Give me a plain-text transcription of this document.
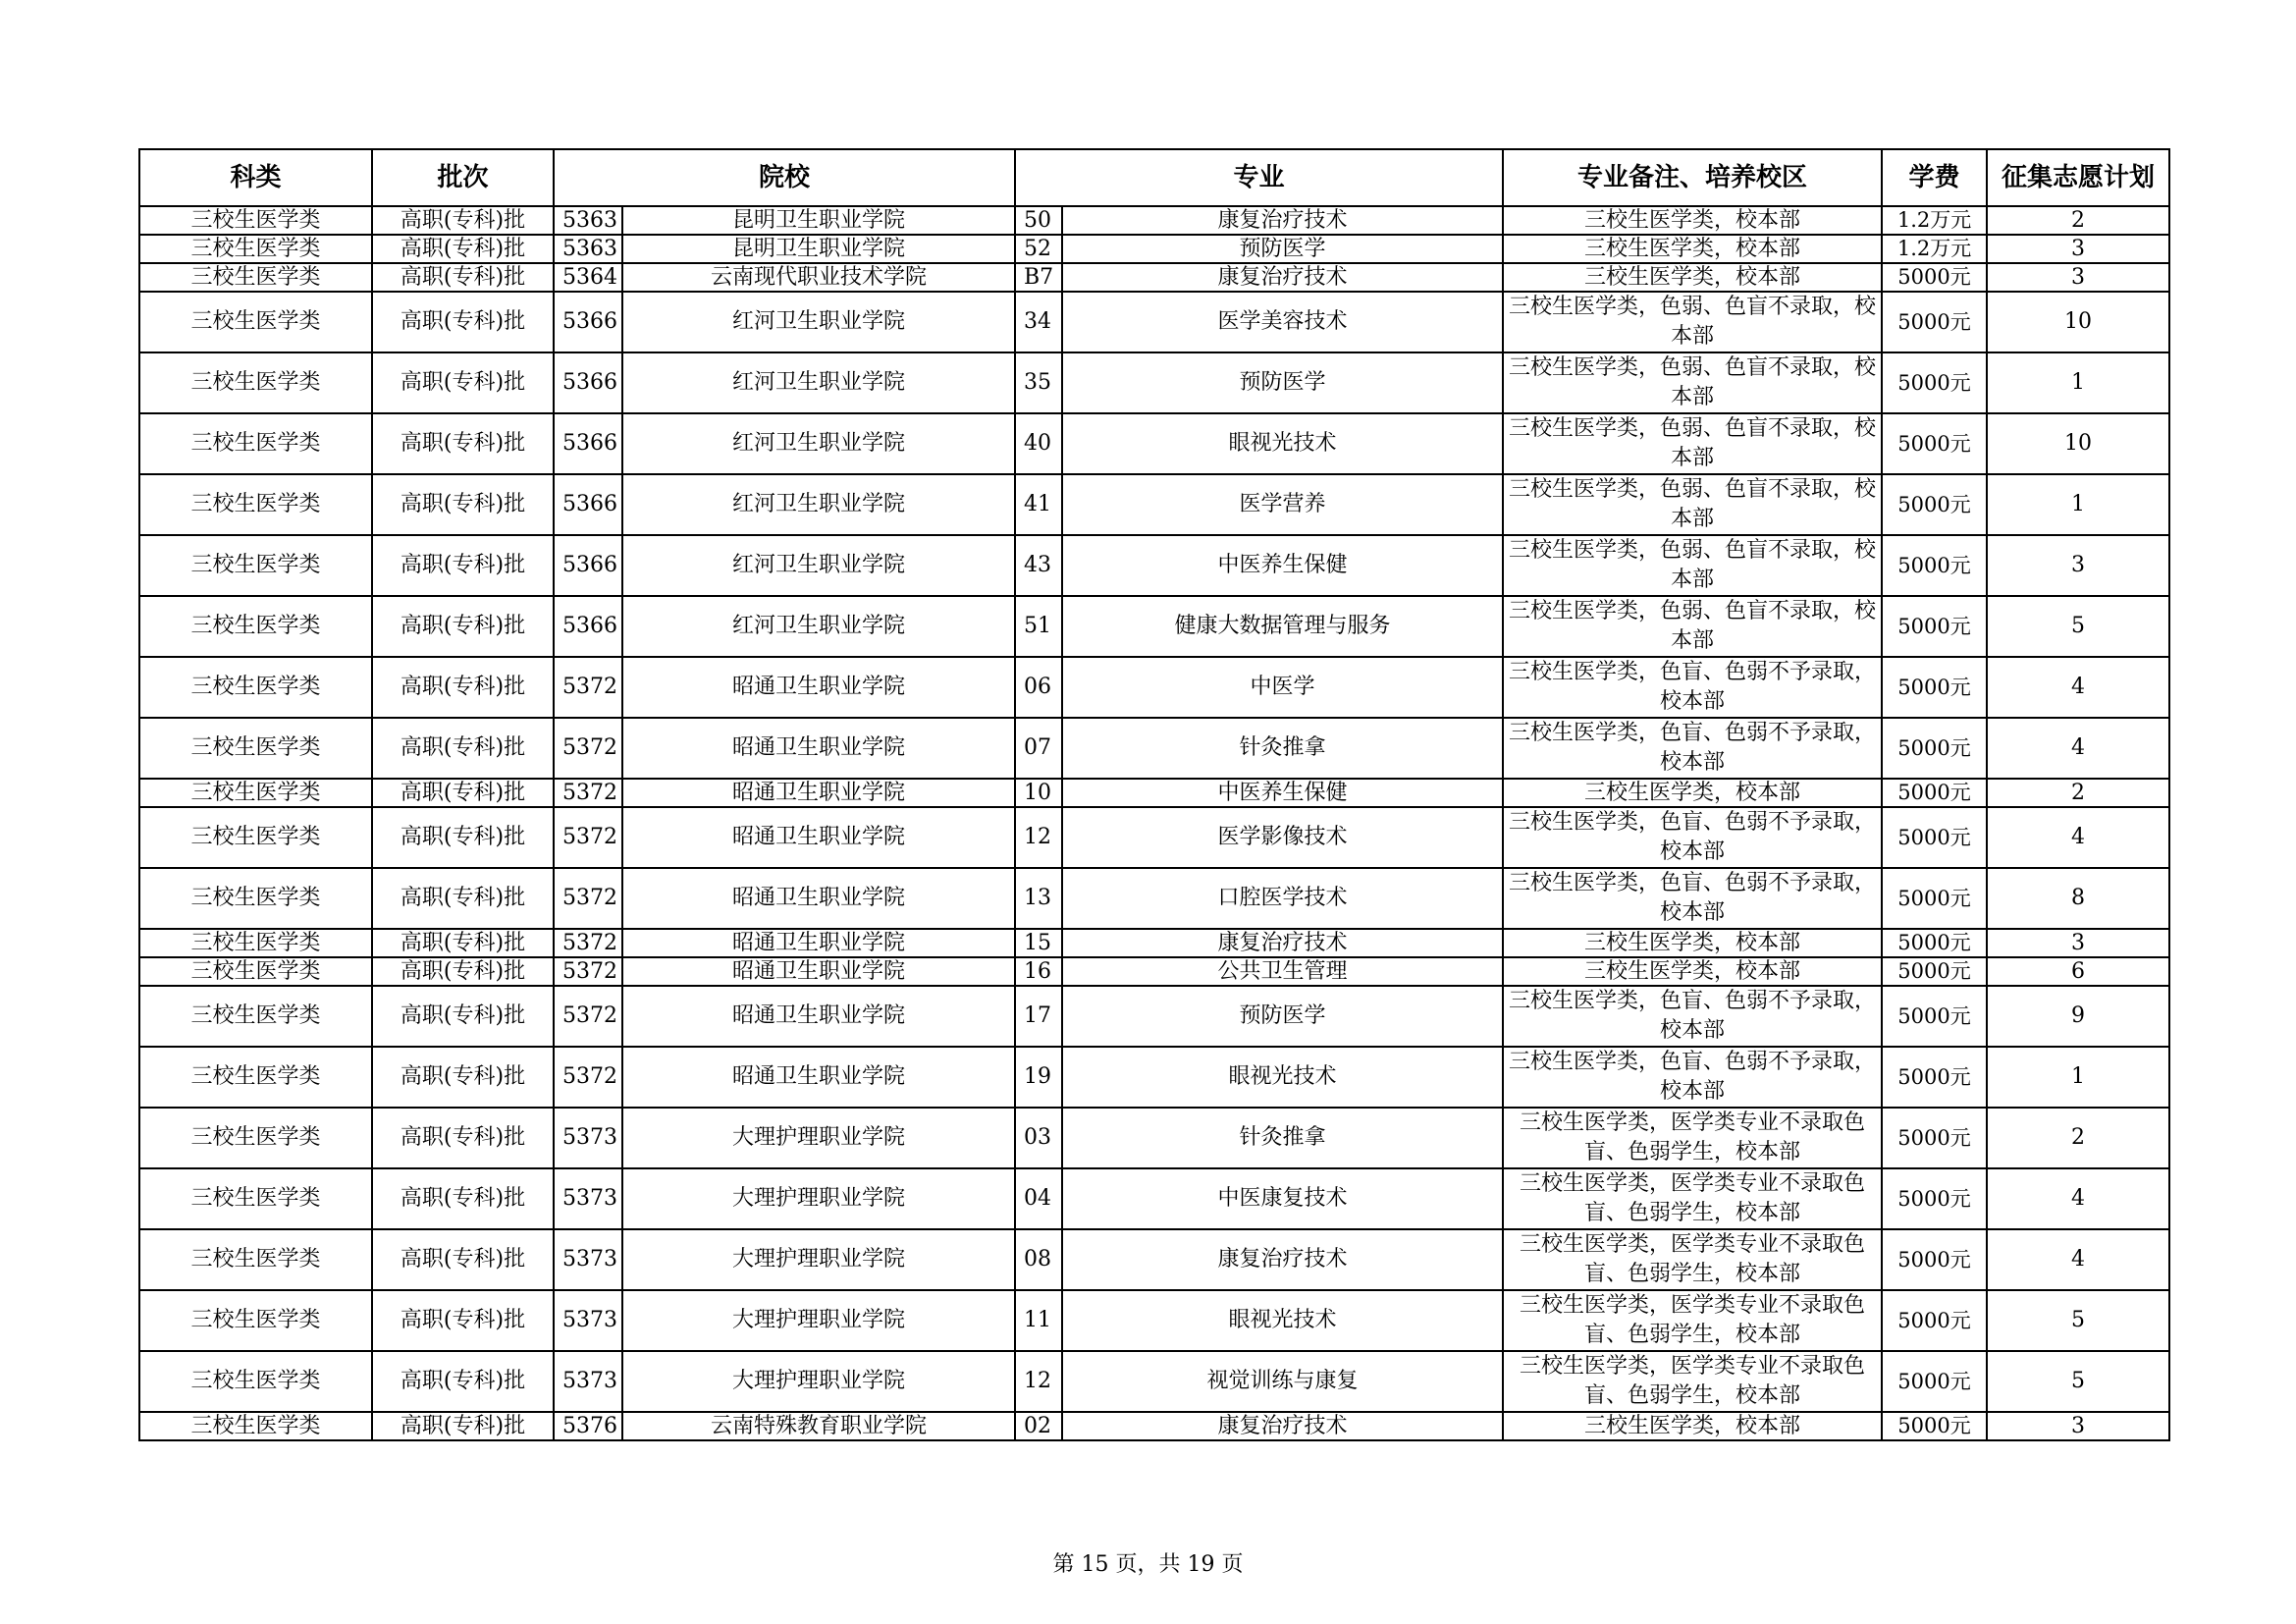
科类	批次	院校		专业		专业备注、培养校区	学费	征集志愿计划
三校生医学类	高职(专科)批	5363	昆明卫生职业学院	50	康复治疗技术	三校生医学类，校本部	1.2万元	2
三校生医学类	高职(专科)批	5363	昆明卫生职业学院	52	预防医学	三校生医学类，校本部	1.2万元	3
三校生医学类	高职(专科)批	5364	云南现代职业技术学院	B7	康复治疗技术	三校生医学类，校本部	5000元	3
三校生医学类	高职(专科)批	5366	红河卫生职业学院	34	医学美容技术	三校生医学类，色弱、色盲不录取，校本部	5000元	10
三校生医学类	高职(专科)批	5366	红河卫生职业学院	35	预防医学	三校生医学类，色弱、色盲不录取，校本部	5000元	1
三校生医学类	高职(专科)批	5366	红河卫生职业学院	40	眼视光技术	三校生医学类，色弱、色盲不录取，校本部	5000元	10
三校生医学类	高职(专科)批	5366	红河卫生职业学院	41	医学营养	三校生医学类，色弱、色盲不录取，校本部	5000元	1
三校生医学类	高职(专科)批	5366	红河卫生职业学院	43	中医养生保健	三校生医学类，色弱、色盲不录取，校本部	5000元	3
三校生医学类	高职(专科)批	5366	红河卫生职业学院	51	健康大数据管理与服务	三校生医学类，色弱、色盲不录取，校本部	5000元	5
三校生医学类	高职(专科)批	5372	昭通卫生职业学院	06	中医学	三校生医学类，色盲、色弱不予录取，校本部	5000元	4
三校生医学类	高职(专科)批	5372	昭通卫生职业学院	07	针灸推拿	三校生医学类，色盲、色弱不予录取，校本部	5000元	4
三校生医学类	高职(专科)批	5372	昭通卫生职业学院	10	中医养生保健	三校生医学类，校本部	5000元	2
三校生医学类	高职(专科)批	5372	昭通卫生职业学院	12	医学影像技术	三校生医学类，色盲、色弱不予录取，校本部	5000元	4
三校生医学类	高职(专科)批	5372	昭通卫生职业学院	13	口腔医学技术	三校生医学类，色盲、色弱不予录取，校本部	5000元	8
三校生医学类	高职(专科)批	5372	昭通卫生职业学院	15	康复治疗技术	三校生医学类，校本部	5000元	3
三校生医学类	高职(专科)批	5372	昭通卫生职业学院	16	公共卫生管理	三校生医学类，校本部	5000元	6
三校生医学类	高职(专科)批	5372	昭通卫生职业学院	17	预防医学	三校生医学类，色盲、色弱不予录取，校本部	5000元	9
三校生医学类	高职(专科)批	5372	昭通卫生职业学院	19	眼视光技术	三校生医学类，色盲、色弱不予录取，校本部	5000元	1
三校生医学类	高职(专科)批	5373	大理护理职业学院	03	针灸推拿	三校生医学类，医学类专业不录取色盲、色弱学生，校本部	5000元	2
三校生医学类	高职(专科)批	5373	大理护理职业学院	04	中医康复技术	三校生医学类，医学类专业不录取色盲、色弱学生，校本部	5000元	4
三校生医学类	高职(专科)批	5373	大理护理职业学院	08	康复治疗技术	三校生医学类，医学类专业不录取色盲、色弱学生，校本部	5000元	4
三校生医学类	高职(专科)批	5373	大理护理职业学院	11	眼视光技术	三校生医学类，医学类专业不录取色盲、色弱学生，校本部	5000元	5
三校生医学类	高职(专科)批	5373	大理护理职业学院	12	视觉训练与康复	三校生医学类，医学类专业不录取色盲、色弱学生，校本部	5000元	5
三校生医学类	高职(专科)批	5376	云南特殊教育职业学院	02	康复治疗技术	三校生医学类，校本部	5000元	3
第 15 页，共 19 页
